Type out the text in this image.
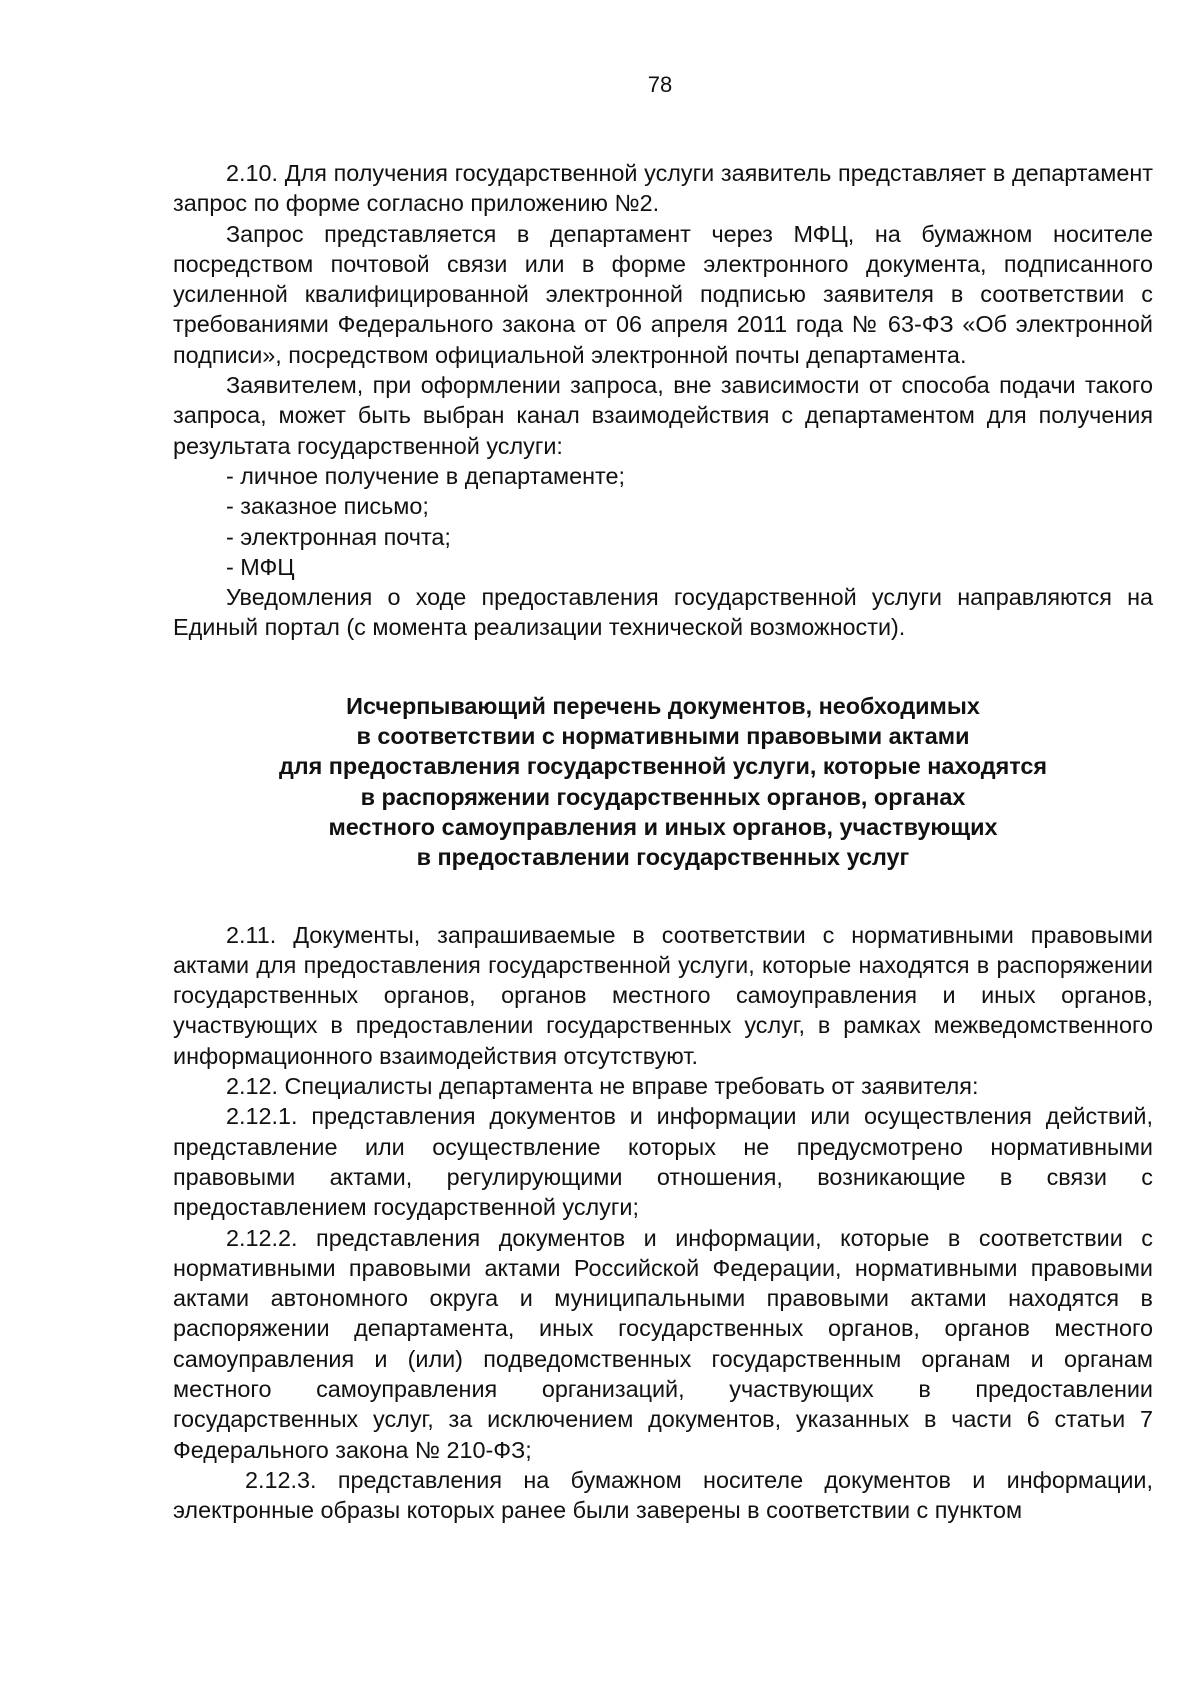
78

2.10. Для получения государственной услуги заявитель представляет в департамент запрос по форме согласно приложению №2.

Запрос представляется в департамент через МФЦ, на бумажном носителе посредством почтовой связи или в форме электронного документа, подписанного усиленной квалифицированной электронной подписью заявителя в соответствии с требованиями Федерального закона от 06 апреля 2011 года № 63-ФЗ «Об электронной подписи», посредством официальной электронной почты департамента.

Заявителем, при оформлении запроса, вне зависимости от способа подачи такого запроса, может быть выбран канал взаимодействия с департаментом для получения результата государственной услуги:

- личное получение в департаменте;

- заказное письмо;

- электронная почта;

- МФЦ

Уведомления о ходе предоставления государственной услуги направляются на Единый портал (с момента реализации технической возможности).

Исчерпывающий перечень документов, необходимых
в соответствии с нормативными правовыми актами
для предоставления государственной услуги, которые находятся
в распоряжении государственных органов, органах
местного самоуправления и иных органов, участвующих
в предоставлении государственных услуг

2.11. Документы, запрашиваемые в соответствии с нормативными правовыми актами для предоставления государственной услуги, которые находятся в распоряжении государственных органов, органов местного самоуправления и иных органов, участвующих в предоставлении государственных услуг, в рамках межведомственного информационного взаимодействия отсутствуют.

2.12. Специалисты департамента не вправе требовать от заявителя:

2.12.1. представления документов и информации или осуществления действий, представление или осуществление которых не предусмотрено нормативными правовыми актами, регулирующими отношения, возникающие в связи с предоставлением государственной услуги;

2.12.2. представления документов и информации, которые в соответствии с нормативными правовыми актами Российской Федерации, нормативными правовыми актами автономного округа и муниципальными правовыми актами находятся в распоряжении департамента, иных государственных органов, органов местного самоуправления и (или) подведомственных государственным органам и органам местного самоуправления организаций, участвующих в предоставлении государственных услуг, за исключением документов, указанных в части 6 статьи 7 Федерального закона № 210-ФЗ;

2.12.3. представления на бумажном носителе документов и информации, электронные образы которых ранее были заверены в соответствии с пунктом
